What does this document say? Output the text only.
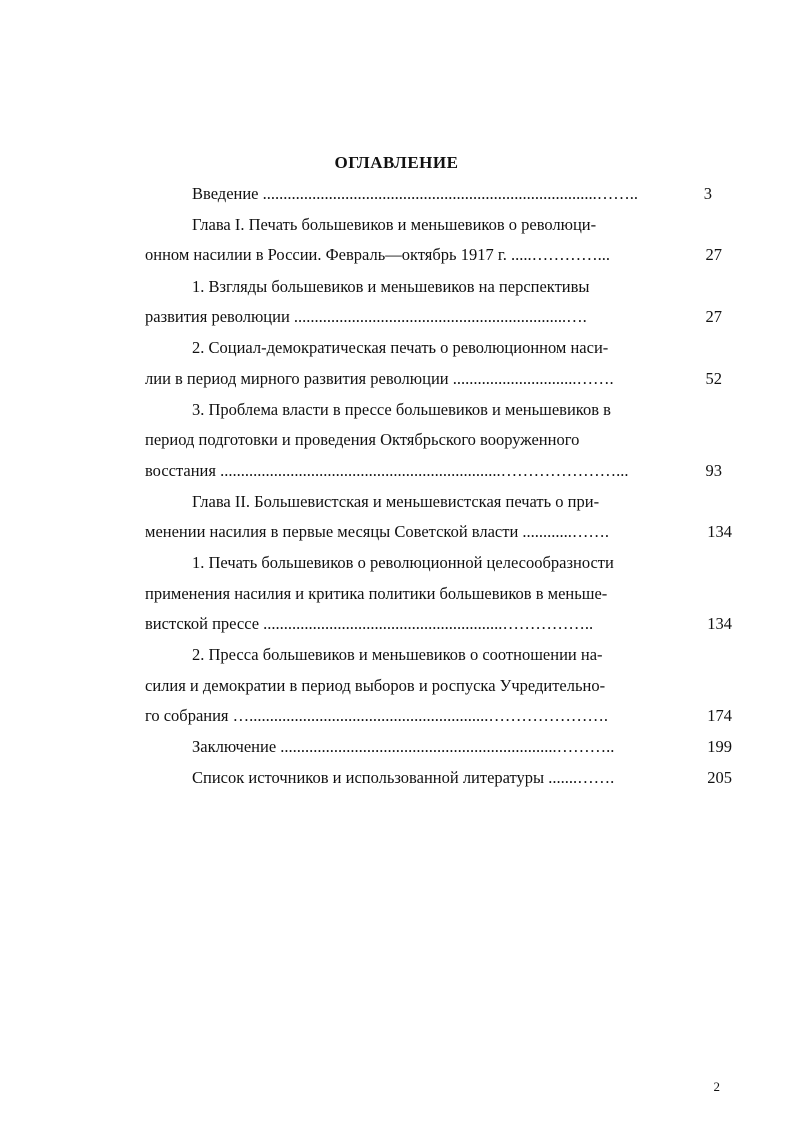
ОГЛАВЛЕНИЕ
Введение .................................................................................……..	3
Глава I. Печать большевиков и меньшевиков о революци-
онном насилии в России. Февраль—октябрь 1917 г. .....…………...	27
1. Взгляды большевиков и меньшевиков на перспективы
развития революции ..................................................................….	27
2. Социал-демократическая печать о революционном наси-
лии в период мирного развития революции ..............................…….	52
3. Проблема власти в прессе большевиков и меньшевиков в
период подготовки и проведения Октябрьского вооруженного
восстания ....................................................................…………………...	93
Глава II. Большевистская и меньшевистская печать о при-
менении насилия в первые месяцы Советской власти ............…….	134
1. Печать большевиков о революционной целесообразности
применения насилия и критика политики большевиков в меньше-
вистской прессе ..........................................................……………..	134
2. Пресса большевиков и меньшевиков о соотношении на-
силия и демократии в период выборов и роспуска Учредительно-
го собрания …..........................................................………………….	174
Заключение ...................................................................………..	199
Список источников и использованной литературы .......…….	205
2
